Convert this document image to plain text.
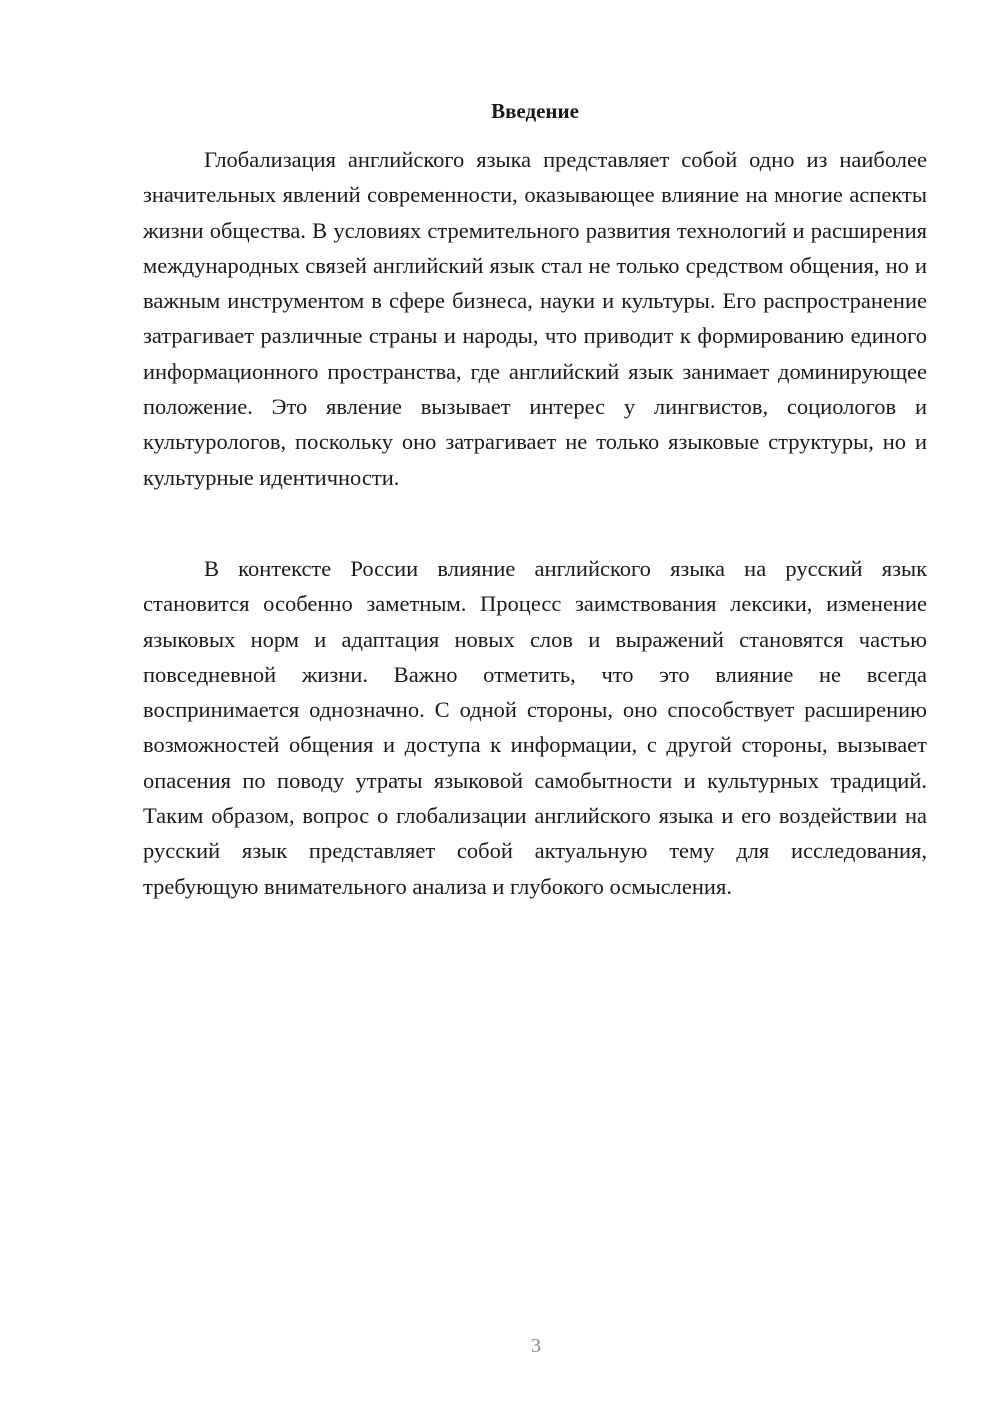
Введение

Глобализация английского языка представляет собой одно из наиболее значительных явлений современности, оказывающее влияние на многие аспекты жизни общества. В условиях стремительного развития технологий и расширения международных связей английский язык стал не только средством общения, но и важным инструментом в сфере бизнеса, науки и культуры. Его распространение затрагивает различные страны и народы, что приводит к формированию единого информационного пространства, где английский язык занимает доминирующее положение. Это явление вызывает интерес у лингвистов, социологов и культурологов, поскольку оно затрагивает не только языковые структуры, но и культурные идентичности.

В контексте России влияние английского языка на русский язык становится особенно заметным. Процесс заимствования лексики, изменение языковых норм и адаптация новых слов и выражений становятся частью повседневной жизни. Важно отметить, что это влияние не всегда воспринимается однозначно. С одной стороны, оно способствует расширению возможностей общения и доступа к информации, с другой стороны, вызывает опасения по поводу утраты языковой самобытности и культурных традиций. Таким образом, вопрос о глобализации английского языка и его воздействии на русский язык представляет собой актуальную тему для исследования, требующую внимательного анализа и глубокого осмысления.

3
